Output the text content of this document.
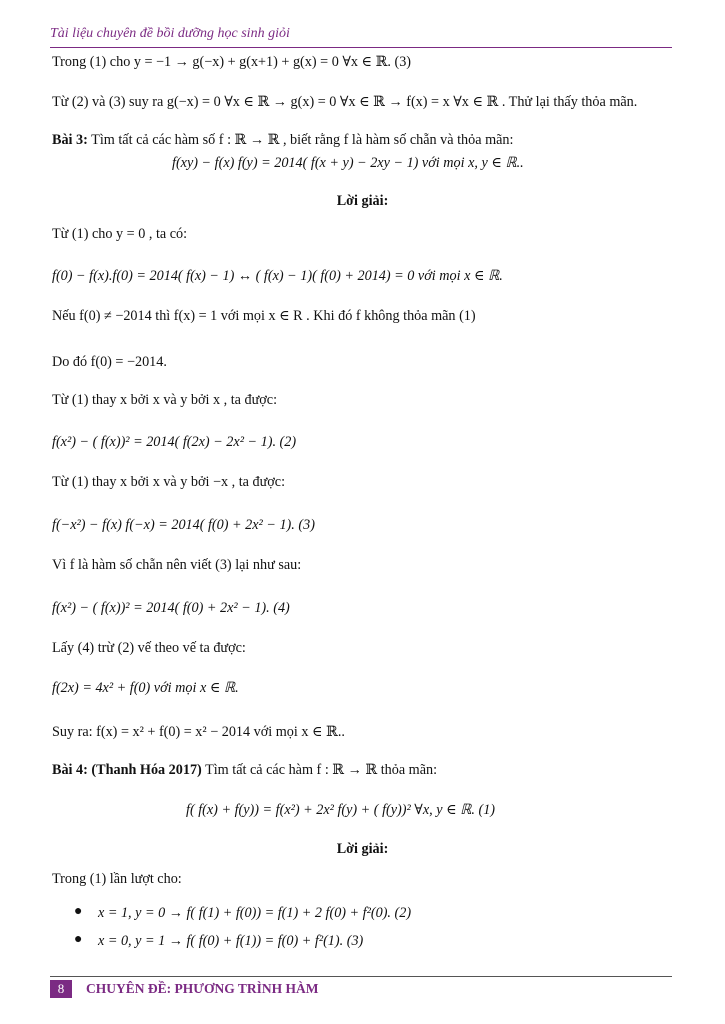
Tài liệu chuyên đề bồi dưỡng học sinh giỏi
Trong (1) cho y = −1 → g(−x) + g(x+1) + g(x) = 0 ∀x ∈ ℝ. (3)
Từ (2) và (3) suy ra g(−x) = 0 ∀x ∈ ℝ → g(x) = 0 ∀x ∈ ℝ → f(x) = x ∀x ∈ ℝ . Thử lại thấy thỏa mãn.
Bài 3: Tìm tất cả các hàm số f : ℝ → ℝ , biết rằng f là hàm số chẵn và thỏa mãn:
f(xy) − f(x) f(y) = 2014( f(x + y) − 2xy − 1) với mọi x, y ∈ ℝ..
Lời giải:
Từ (1) cho y = 0 , ta có:
f(0) − f(x).f(0) = 2014( f(x) − 1) ↔ ( f(x) − 1)( f(0) + 2014) = 0 với mọi x ∈ ℝ.
Nếu f(0) ≠ −2014 thì f(x) = 1 với mọi x ∈ R . Khi đó f không thỏa mãn (1)
Do đó f(0) = −2014.
Từ (1) thay x bởi x và y bởi x , ta được:
f(x²) − ( f(x))² = 2014( f(2x) − 2x² − 1). (2)
Từ (1) thay x bởi x và y bởi −x , ta được:
f(−x²) − f(x) f(−x) = 2014( f(0) + 2x² − 1). (3)
Vì f là hàm số chẵn nên viết (3) lại như sau:
f(x²) − ( f(x))² = 2014( f(0) + 2x² − 1). (4)
Lấy (4) trừ (2) vế theo vế ta được:
f(2x) = 4x² + f(0) với mọi x ∈ ℝ.
Suy ra: f(x) = x² + f(0) = x² − 2014 với mọi x ∈ ℝ..
Bài 4: (Thanh Hóa 2017) Tìm tất cả các hàm f : ℝ → ℝ thỏa mãn:
f( f(x) + f(y)) = f(x²) + 2x² f(y) + ( f(y))² ∀x, y ∈ ℝ. (1)
Lời giải:
Trong (1) lần lượt cho:
● x = 1, y = 0 → f( f(1) + f(0)) = f(1) + 2 f(0) + f²(0). (2)
● x = 0, y = 1 → f( f(0) + f(1)) = f(0) + f²(1). (3)
8	CHUYÊN ĐỀ: PHƯƠNG TRÌNH HÀM
